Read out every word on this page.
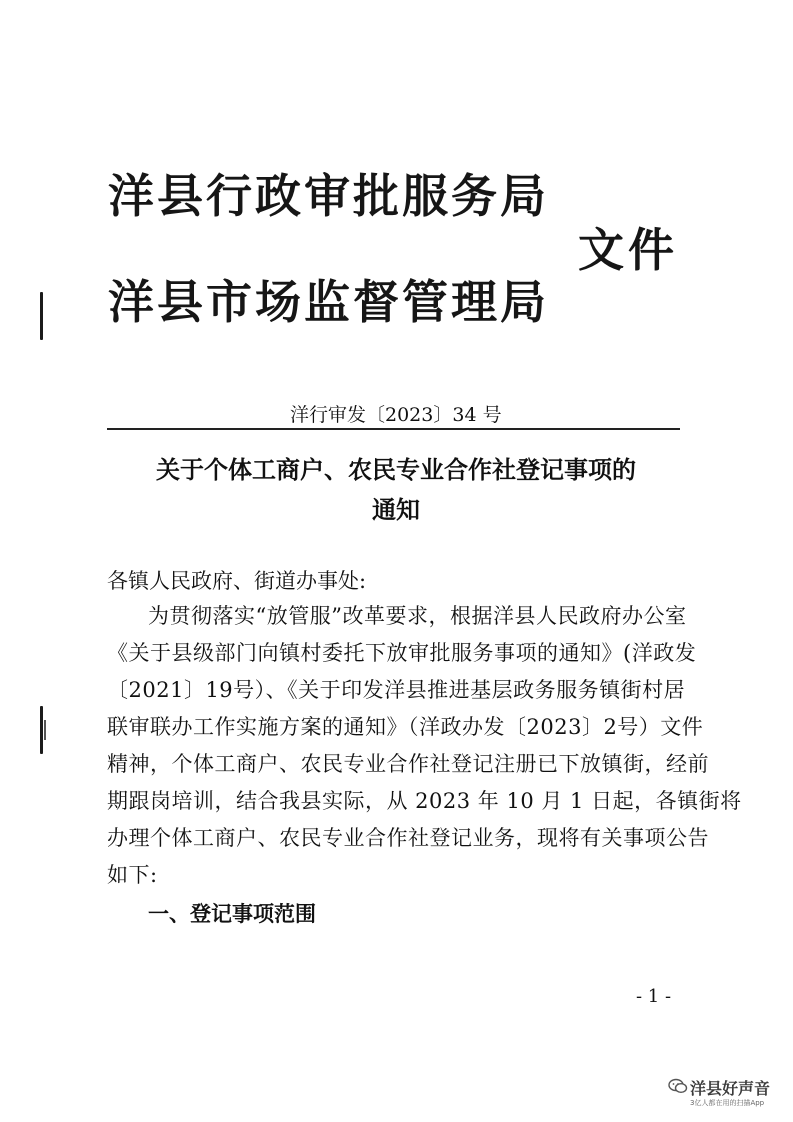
洋县行政审批服务局
洋县市场监督管理局
文件
洋行审发〔2023〕34 号
关于个体工商户、农民专业合作社登记事项的
通知
各镇人民政府、街道办事处:
为贯彻落实“放管服”改革要求，根据洋县人民政府办公室
《关于县级部门向镇村委托下放审批服务事项的通知》(洋政发
〔2021〕19号）、《关于印发洋县推进基层政务服务镇街村居
联审联办工作实施方案的通知》（洋政办发〔2023〕2号）文件
精神，个体工商户、农民专业合作社登记注册已下放镇街，经前
期跟岗培训，结合我县实际，从 2023 年 10 月 1 日起，各镇街将
办理个体工商户、农民专业合作社登记业务，现将有关事项公告
如下:
一、登记事项范围
- 1 -
洋县好声音
3亿人都在用的扫描App
